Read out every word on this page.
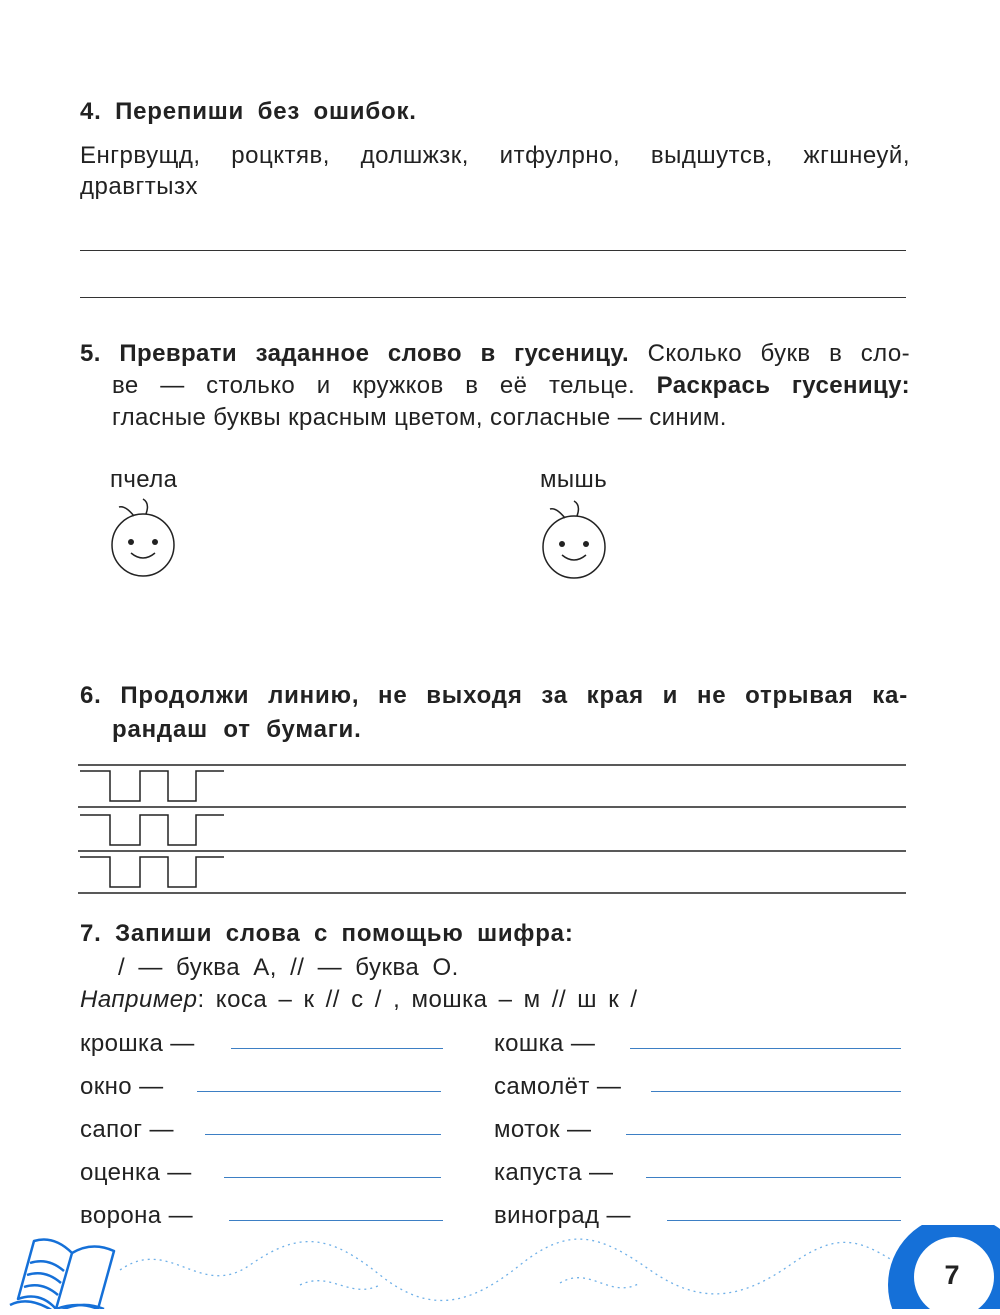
4. Перепиши без ошибок.
Енгрвущд, роцктяв, долшжзк, итфулрно, выдшутсв, жгшнеуй,
дравгтызх
5. Преврати заданное слово в гусеницу. Сколько букв в сло-
ве — столько и кружков в её тельце. Раскрась гусеницу:
гласные буквы красным цветом, согласные — синим.
пчела	мышь
6. Продолжи линию, не выходя за края и не отрывая ка-
рандаш от бумаги.
7. Запиши слова с помощью шифра:
/ — буква А, // — буква О.
Например: коса – к // с / , мошка – м // ш к /
крошка —
окно —
сапог —
оценка —
ворона —
кошка —
самолёт —
моток —
капуста —
виноград —
7
